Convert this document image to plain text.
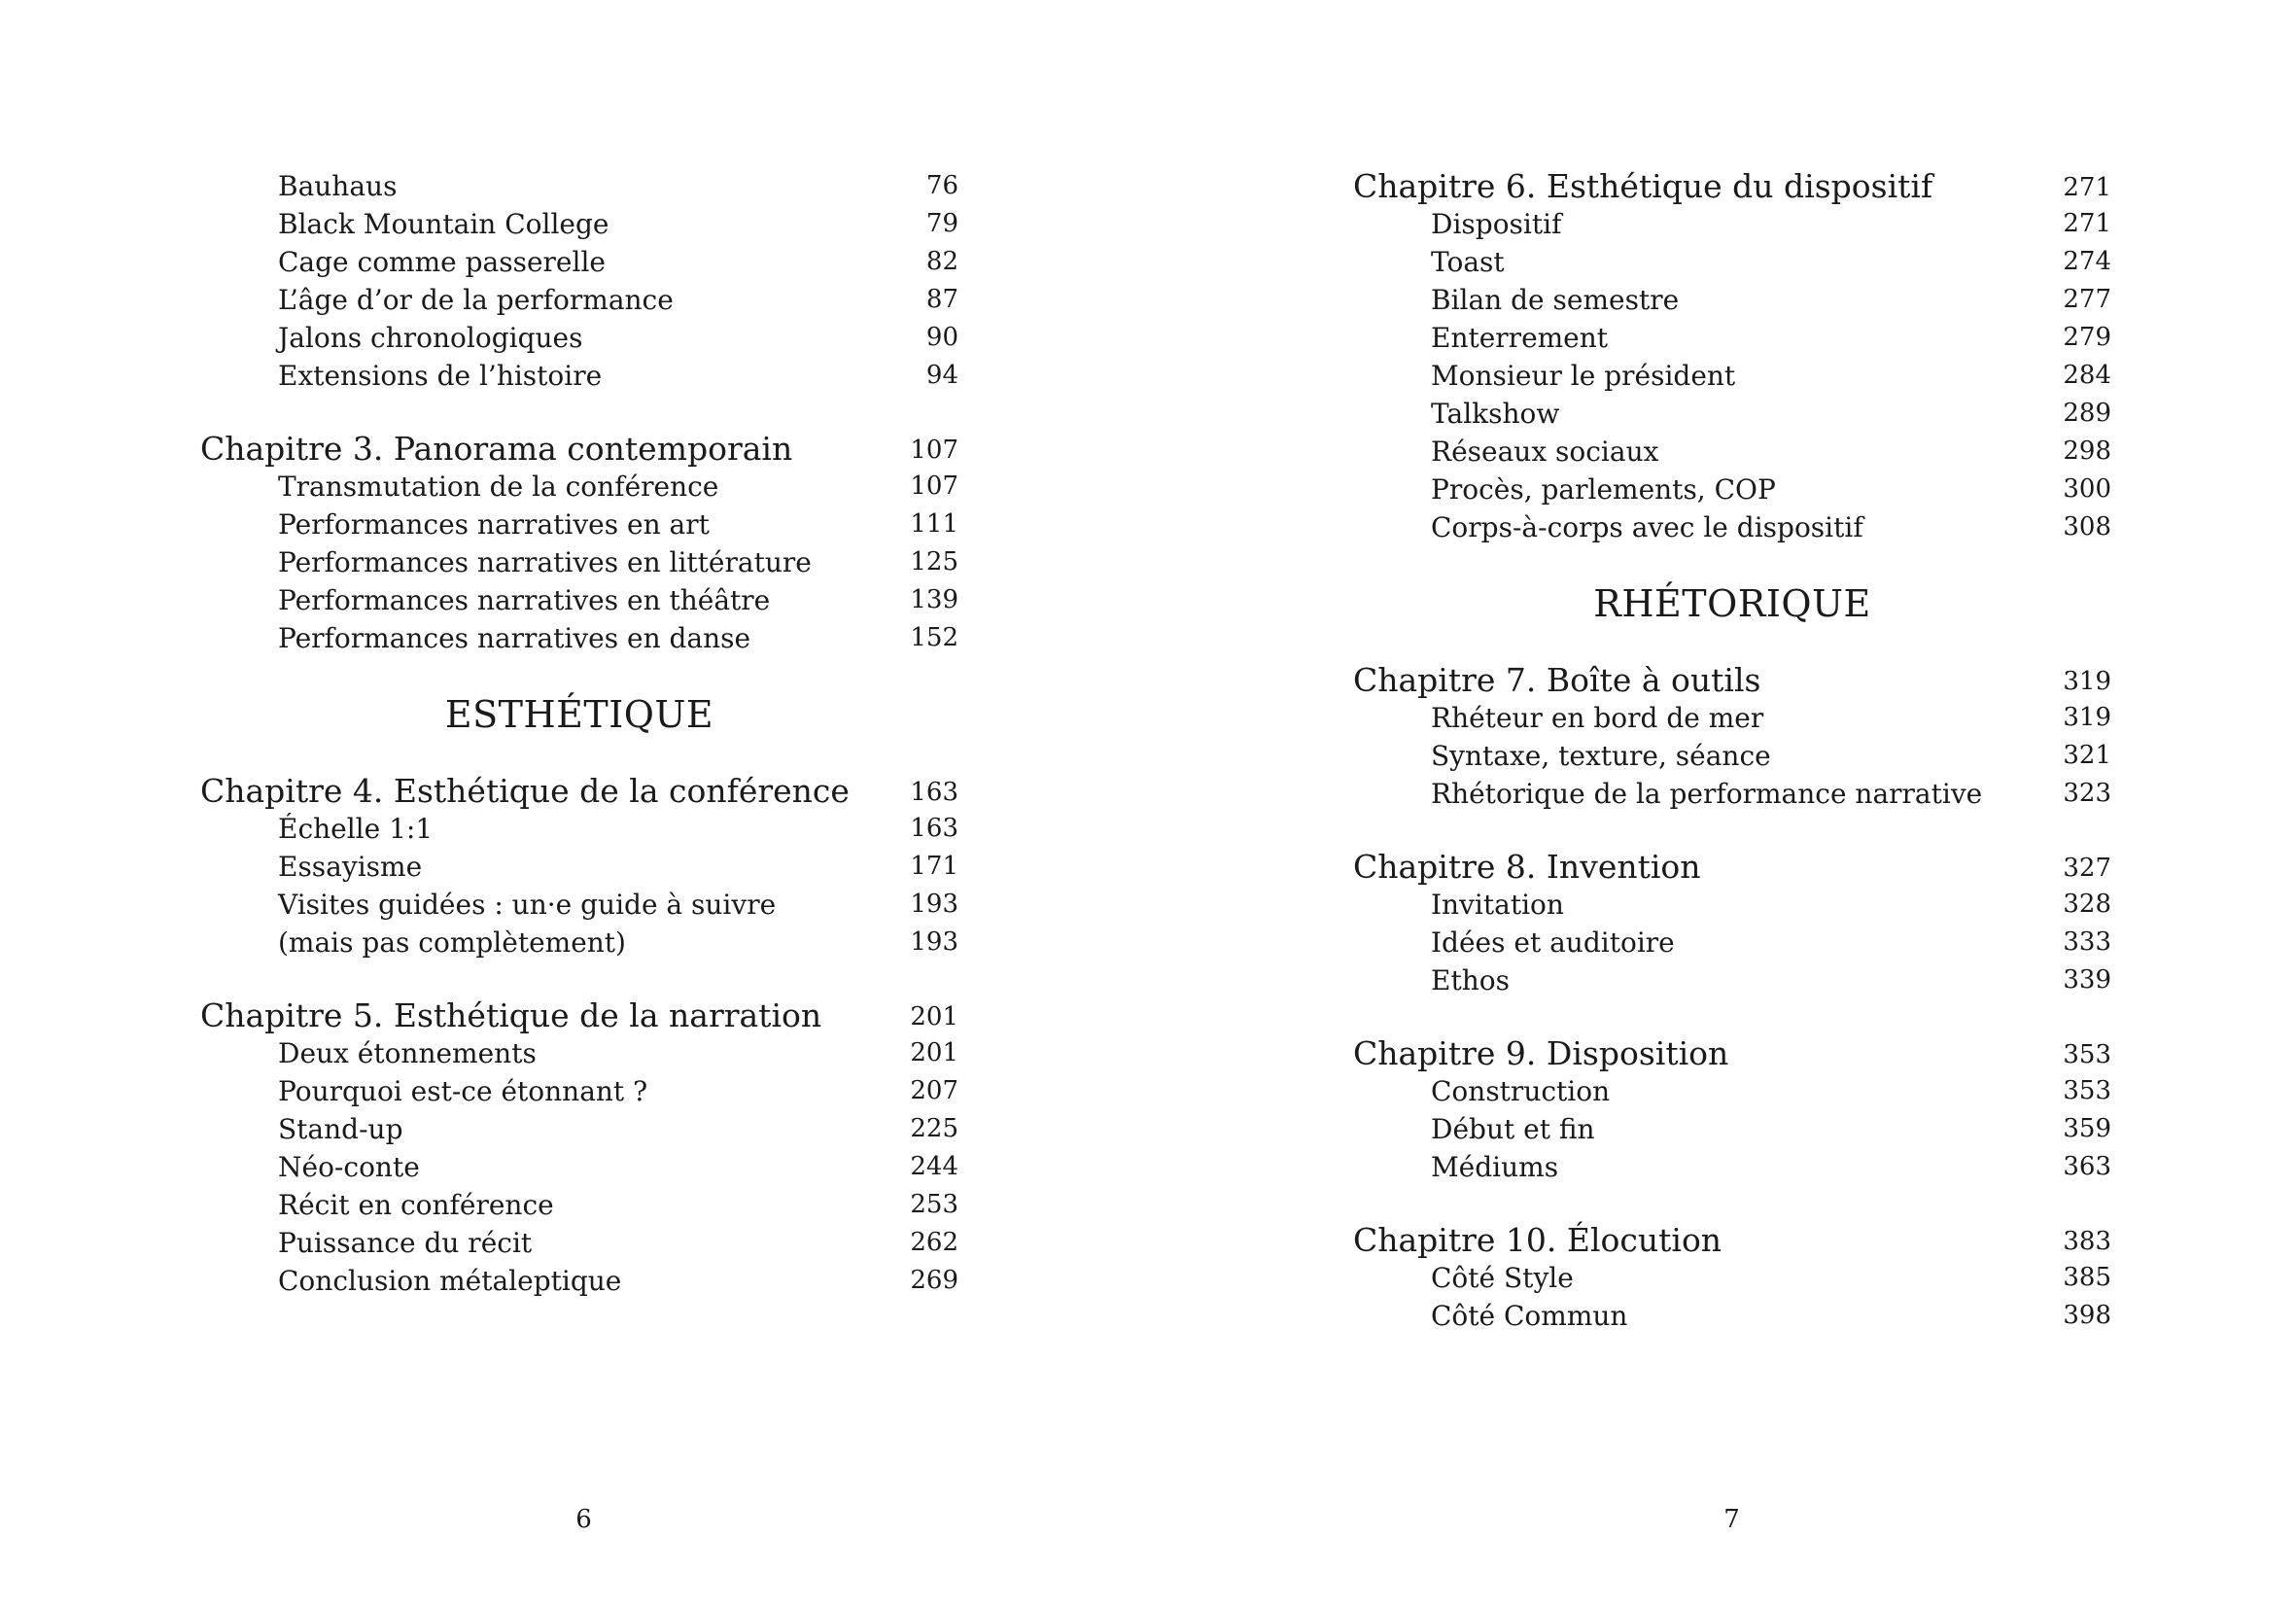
Bauhaus	76
Black Mountain College	79
Cage comme passerelle	82
L’âge d’or de la performance	87
Jalons chronologiques	90
Extensions de l’histoire	94
Chapitre 3. Panorama contemporain	107
Transmutation de la conférence	107
Performances narratives en art	111
Performances narratives en littérature	125
Performances narratives en théâtre	139
Performances narratives en danse	152
ESTHÉTIQUE
Chapitre 4. Esthétique de la conférence 163
Échelle 1:1	163
Essayisme	171
Visites guidées : un·e guide à suivre	193
(mais pas complètement)	193
Chapitre 5. Esthétique de la narration	201
Deux étonnements	201
Pourquoi est-ce étonnant ?	207
Stand-up	225
Néo-conte	244
Récit en conférence	253
Puissance du récit	262
Conclusion métaleptique	269
6
Chapitre 6. Esthétique du dispositif	271
Dispositif	271
Toast	274
Bilan de semestre	277
Enterrement	279
Monsieur le président	284
Talkshow	289
Réseaux sociaux	298
Procès, parlements, COP	300
Corps-à-corps avec le dispositif	308
RHÉTORIQUE
Chapitre 7. Boîte à outils	319
Rhéteur en bord de mer	319
Syntaxe, texture, séance	321
Rhétorique de la performance narrative	323
Chapitre 8. Invention	327
Invitation	328
Idées et auditoire	333
Ethos	339
Chapitre 9. Disposition	353
Construction	353
Début et fin	359
Médiums	363
Chapitre 10. Élocution	383
Côté Style	385
Côté Commun	398
7
